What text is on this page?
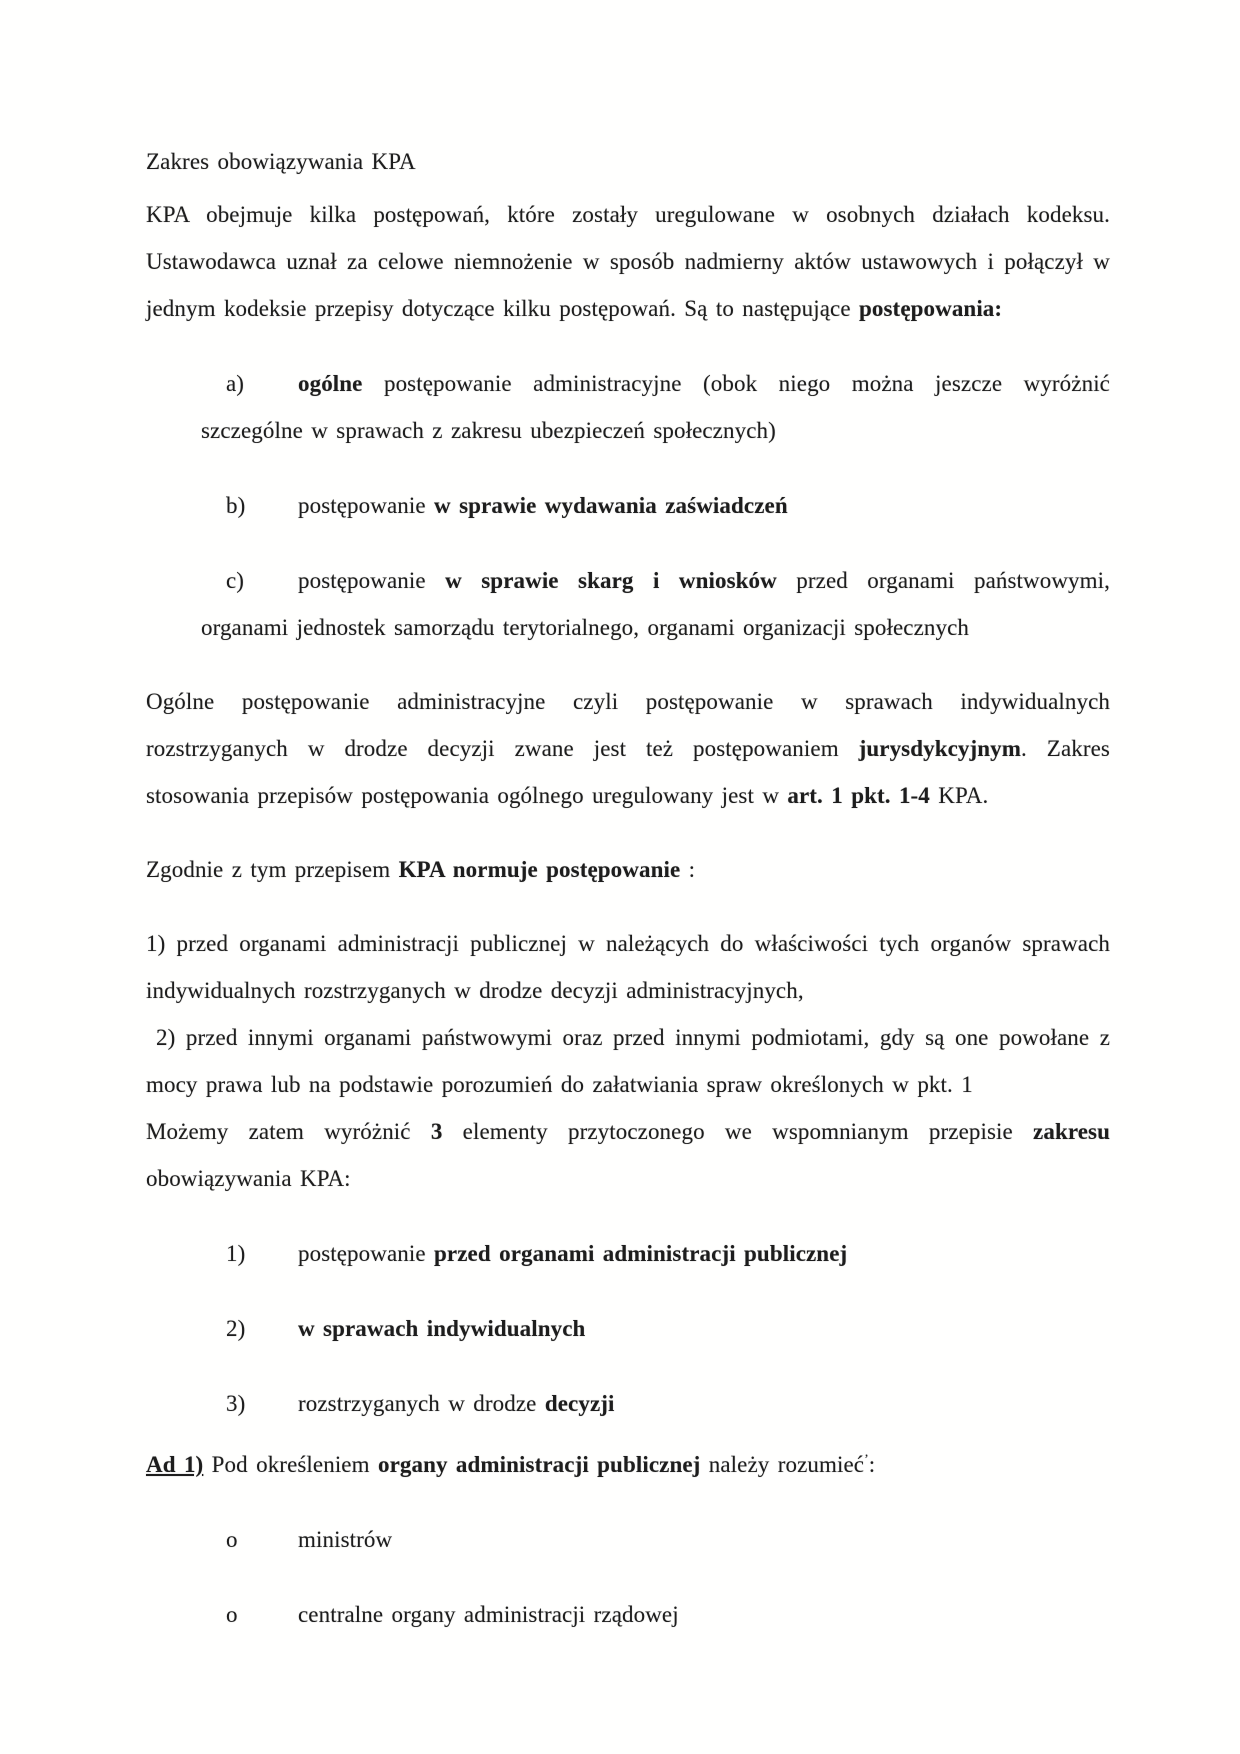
Zakres obowiązywania KPA
KPA obejmuje kilka postępowań, które zostały uregulowane w osobnych działach kodeksu. Ustawodawca uznał za celowe niemnożenie w sposób nadmierny aktów ustawowych i połączył w jednym kodeksie przepisy dotyczące kilku postępowań. Są to następujące postępowania:
a) ogólne postępowanie administracyjne (obok niego można jeszcze wyróżnić szczególne w sprawach z zakresu ubezpieczeń społecznych)
b) postępowanie w sprawie wydawania zaświadczeń
c) postępowanie w sprawie skarg i wniosków przed organami państwowymi, organami jednostek samorządu terytorialnego, organami organizacji społecznych
Ogólne postępowanie administracyjne czyli postępowanie w sprawach indywidualnych rozstrzyganych w drodze decyzji zwane jest też postępowaniem jurysdykcyjnym. Zakres stosowania przepisów postępowania ogólnego uregulowany jest w art. 1 pkt. 1-4 KPA.
Zgodnie z tym przepisem KPA normuje postępowanie :
1) przed organami administracji publicznej w należących do właściwości tych organów sprawach indywidualnych rozstrzyganych w drodze decyzji administracyjnych,
2) przed innymi organami państwowymi oraz przed innymi podmiotami, gdy są one powołane z mocy prawa lub na podstawie porozumień do załatwiania spraw określonych w pkt. 1
Możemy zatem wyróżnić 3 elementy przytoczonego we wspomnianym przepisie zakresu obowiązywania KPA:
1) postępowanie przed organami administracji publicznej
2) w sprawach indywidualnych
3) rozstrzyganych w drodze decyzji
Ad 1) Pod określeniem organy administracji publicznej należy rozumieć’:
o	ministrów
o	centralne organy administracji rządowej
